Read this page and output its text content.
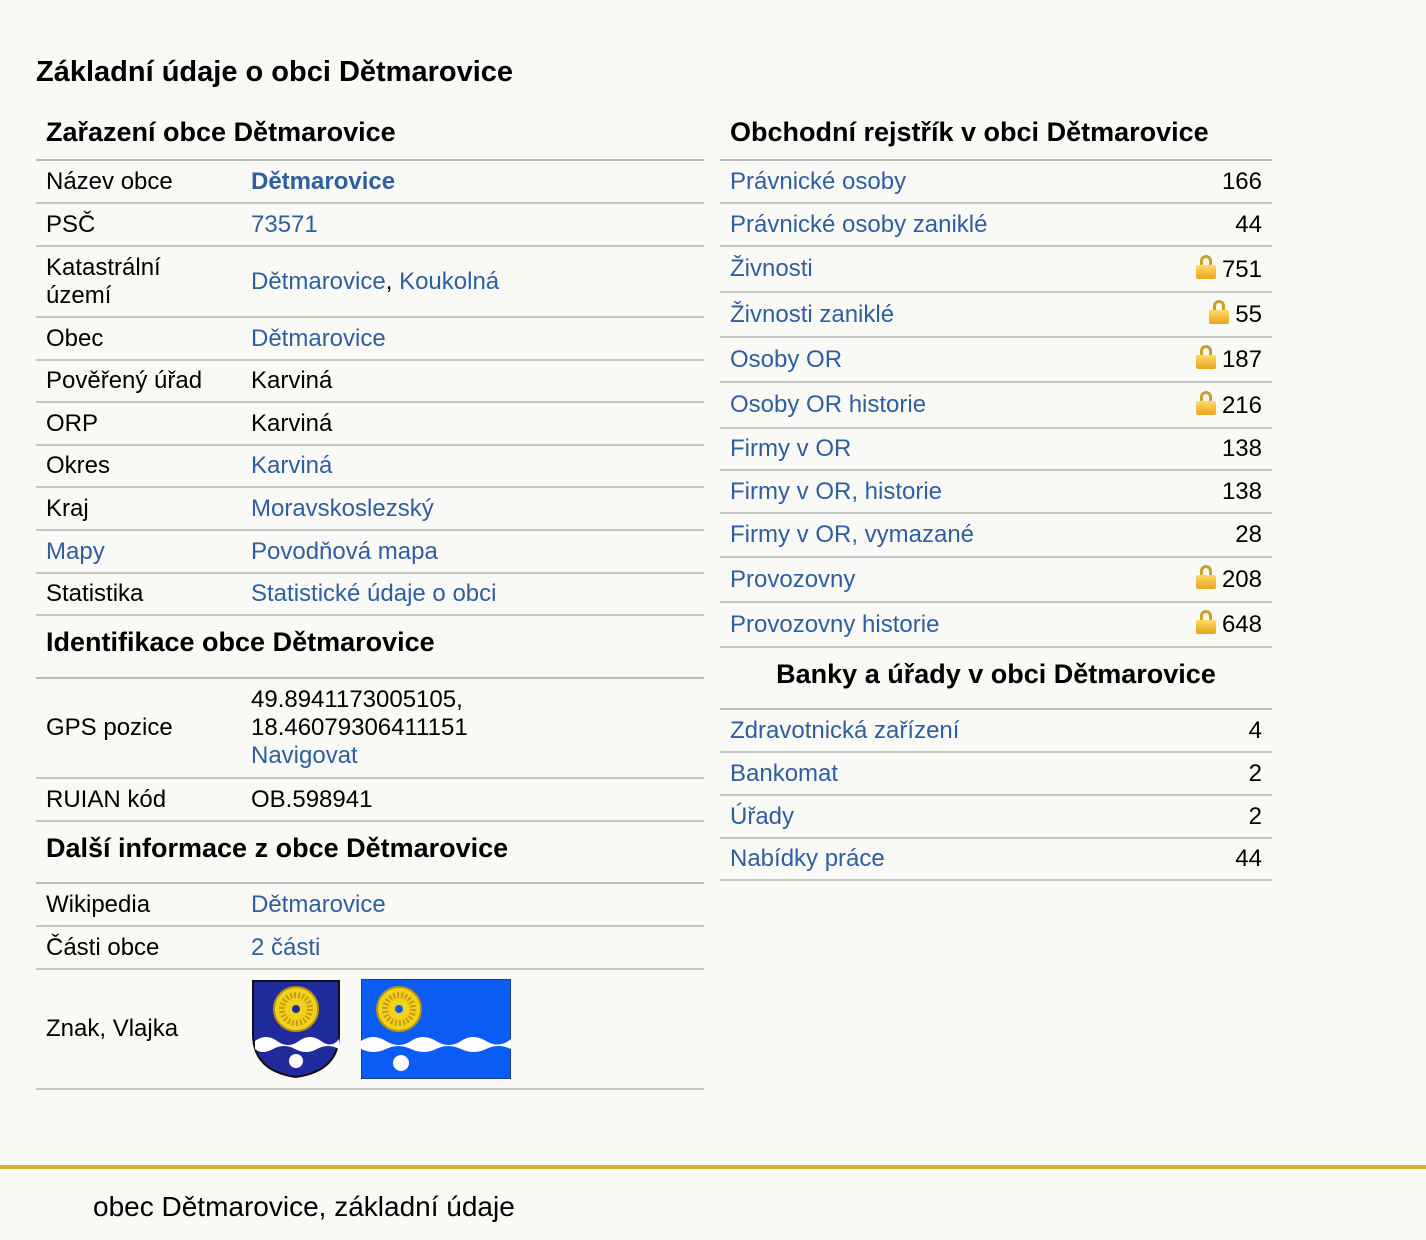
Základní údaje o obci Dětmarovice
Zařazení obce Dětmarovice
Název obce	Dětmarovice
PSČ	73571
Katastrální území	Dětmarovice, Koukolná
Obec	Dětmarovice
Pověřený úřad	Karviná
ORP	Karviná
Okres	Karviná
Kraj	Moravskoslezský
Mapy	Povodňová mapa
Statistika	Statistické údaje o obci
Identifikace obce Dětmarovice
GPS pozice	49.8941173005105,
18.46079306411151
Navigovat
RUIAN kód	OB.598941
Další informace z obce Dětmarovice
Wikipedia	Dětmarovice
Části obce	2 části
Znak, Vlajka	
Obchodní rejstřík v obci Dětmarovice
Právnické osoby	166
Právnické osoby zaniklé	44
Živnosti	751
Živnosti zaniklé	55
Osoby OR	187
Osoby OR historie	216
Firmy v OR	138
Firmy v OR, historie	138
Firmy v OR, vymazané	28
Provozovny	208
Provozovny historie	648
Banky a úřady v obci Dětmarovice
Zdravotnická zařízení	4
Bankomat	2
Úřady	2
Nabídky práce	44
obec Dětmarovice, základní údaje
